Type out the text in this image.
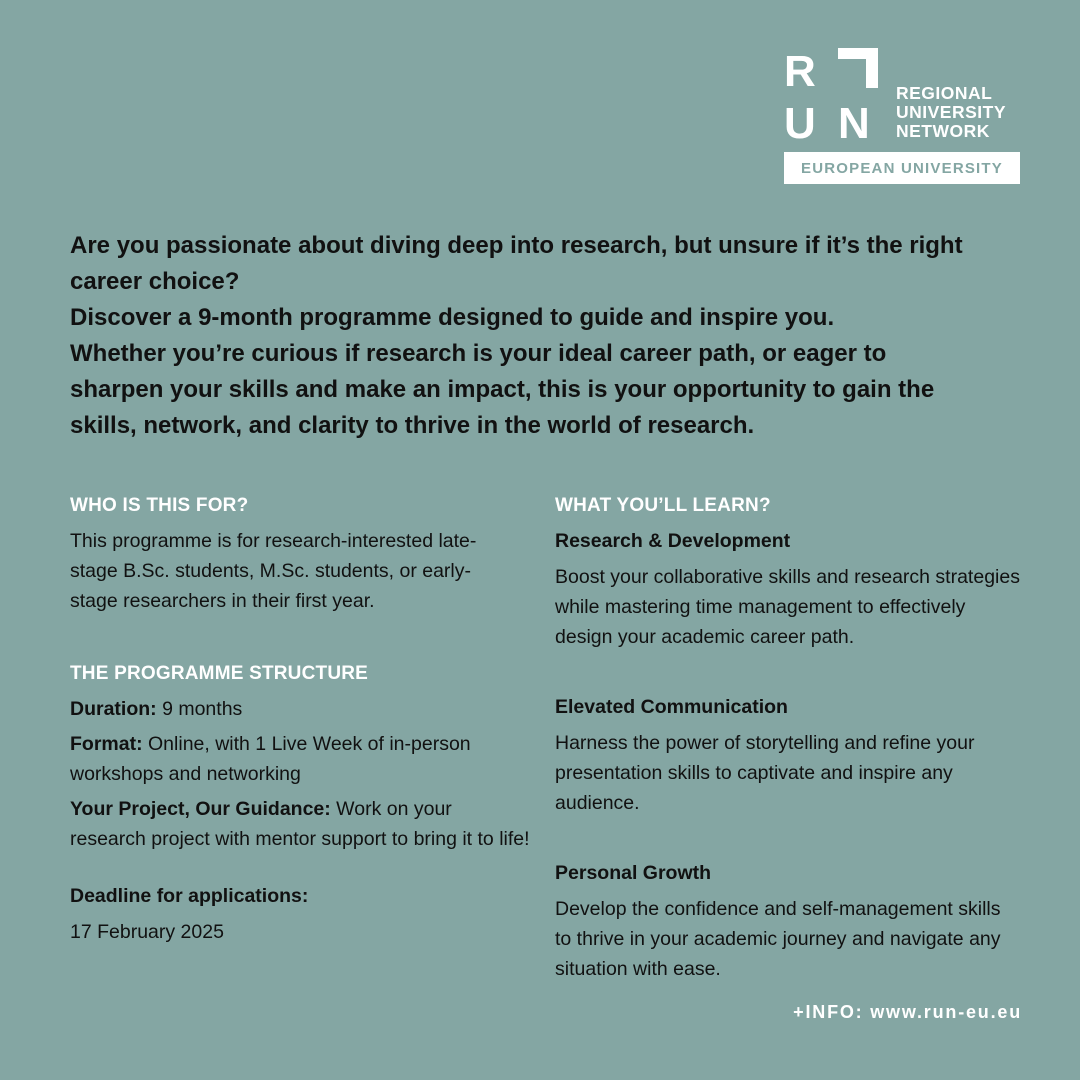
R
U N
REGIONAL
UNIVERSITY
NETWORK
EUROPEAN UNIVERSITY

Are you passionate about diving deep into research, but unsure if it’s the right career choice?

Discover a 9-month programme designed to guide and inspire you.

Whether you’re curious if research is your ideal career path, or eager to sharpen your skills and make an impact, this is your opportunity to gain the skills, network, and clarity to thrive in the world of research.

WHO IS THIS FOR?

This programme is for research-interested late-stage B.Sc. students, M.Sc. students, or early-stage researchers in their first year.

THE PROGRAMME STRUCTURE

Duration: 9 months

Format: Online, with 1 Live Week of in-person workshops and networking

Your Project, Our Guidance: Work on your research project with mentor support to bring it to life!

Deadline for applications:

17 February 2025

WHAT YOU’LL LEARN?
Research & Development

Boost your collaborative skills and research strategies while mastering time management to effectively design your academic career path.

Elevated Communication

Harness the power of storytelling and refine your presentation skills to captivate and inspire any audience.

Personal Growth

Develop the confidence and self-management skills to thrive in your academic journey and navigate any situation with ease.

+INFO: www.run-eu.eu
